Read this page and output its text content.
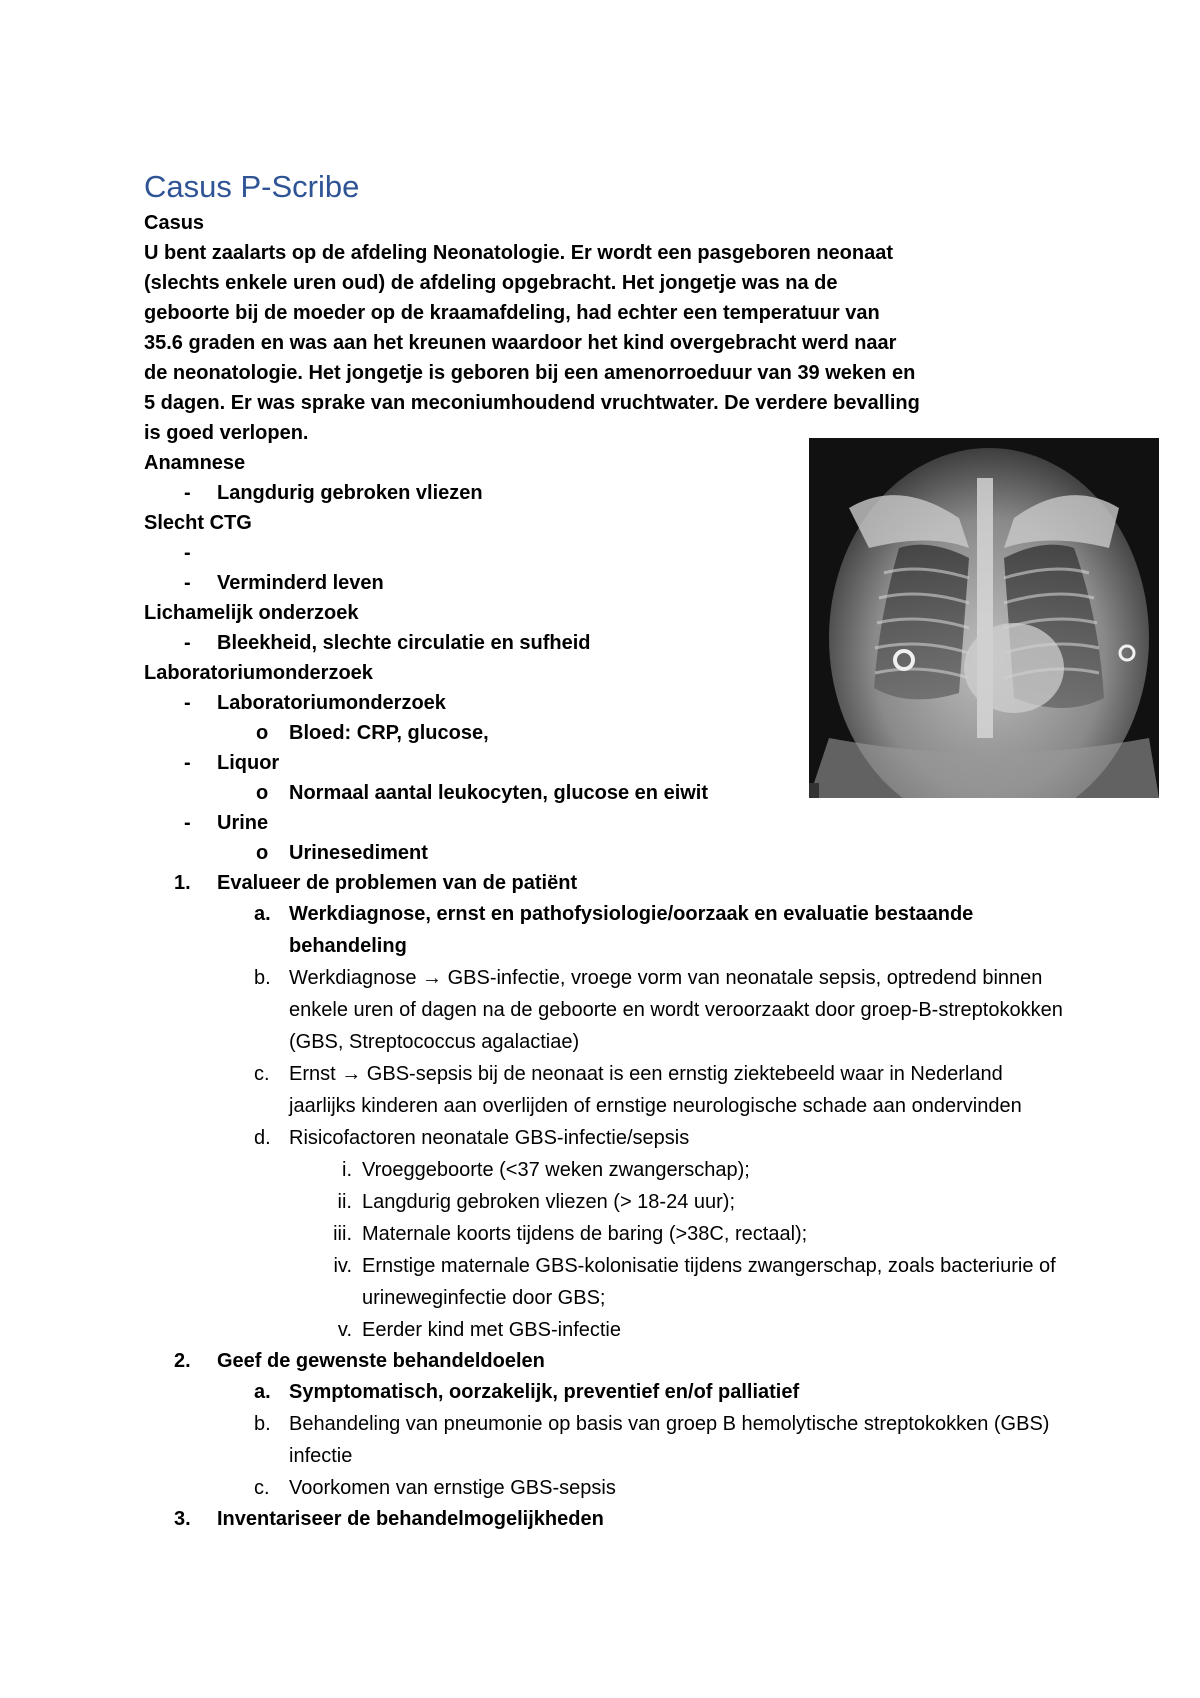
Casus P-Scribe

Casus

U bent zaalarts op de afdeling Neonatologie. Er wordt een pasgeboren neonaat (slechts enkele uren oud) de afdeling opgebracht. Het jongetje was na de geboorte bij de moeder op de kraamafdeling, had echter een temperatuur van 35.6 graden en was aan het kreunen waardoor het kind overgebracht werd naar de neonatologie. Het jongetje is geboren bij een amenorroeduur van 39 weken en 5 dagen. Er was sprake van meconiumhoudend vruchtwater. De verdere bevalling is goed verlopen.

Anamnese

-	Langdurig gebroken vliezen

Slecht CTG

-

-	Verminderd leven

Lichamelijk onderzoek

-	Bleekheid, slechte circulatie en sufheid

Laboratoriumonderzoek

-	Laboratoriumonderzoek

o	Bloed: CRP, glucose,

-	Liquor

o	Normaal aantal leukocyten, glucose en eiwit

-	Urine

o	Urinesediment

1.	Evalueer de problemen van de patiënt

a. Werkdiagnose, ernst en pathofysiologie/oorzaak en evaluatie bestaande behandeling

b. Werkdiagnose → GBS-infectie, vroege vorm van neonatale sepsis, optredend binnen enkele uren of dagen na de geboorte en wordt veroorzaakt door groep-B-streptokokken (GBS, Streptococcus agalactiae)

c. Ernst → GBS-sepsis bij de neonaat is een ernstig ziektebeeld waar in Nederland jaarlijks kinderen aan overlijden of ernstige neurologische schade aan ondervinden

d. Risicofactoren neonatale GBS-infectie/sepsis

i. Vroeggeboorte (<37 weken zwangerschap);

ii. Langdurig gebroken vliezen (> 18-24 uur);

iii. Maternale koorts tijdens de baring (>38C, rectaal);

iv. Ernstige maternale GBS-kolonisatie tijdens zwangerschap, zoals bacteriurie of urineweginfectie door GBS;

v. Eerder kind met GBS-infectie

2.	Geef de gewenste behandeldoelen

a. Symptomatisch, oorzakelijk, preventief en/of palliatief

b. Behandeling van pneumonie op basis van groep B hemolytische streptokokken (GBS) infectie

c. Voorkomen van ernstige GBS-sepsis

3.	Inventariseer de behandelmogelijkheden
